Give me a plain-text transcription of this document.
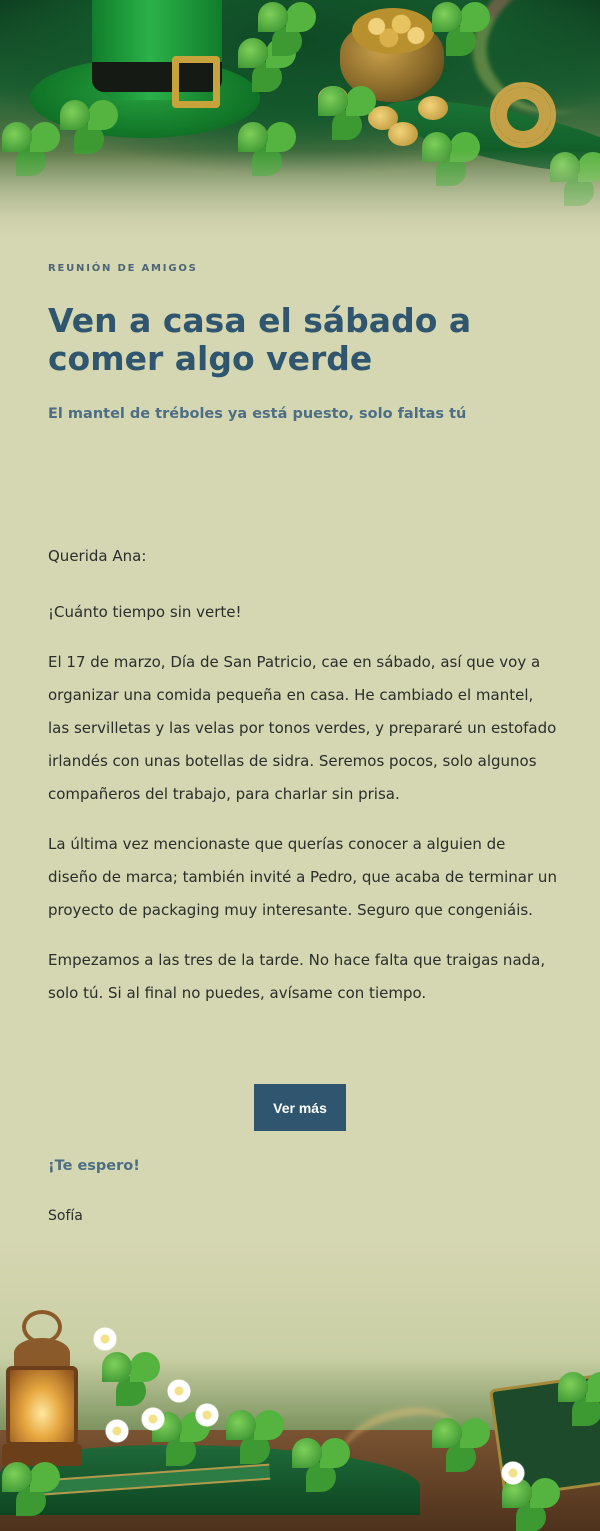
REUNIÓN DE AMIGOS
Ven a casa el sábado a comer algo verde
El mantel de tréboles ya está puesto, solo faltas tú

Querida Ana:

¡Cuánto tiempo sin verte!

El 17 de marzo, Día de San Patricio, cae en sábado, así que voy a organizar una comida pequeña en casa. He cambiado el mantel, las servilletas y las velas por tonos verdes, y prepararé un estofado irlandés con unas botellas de sidra. Seremos pocos, solo algunos compañeros del trabajo, para charlar sin prisa.

La última vez mencionaste que querías conocer a alguien de diseño de marca; también invité a Pedro, que acaba de terminar un proyecto de packaging muy interesante. Seguro que congeniáis.

Empezamos a las tres de la tarde. No hace falta que traigas nada, solo tú. Si al final no puedes, avísame con tiempo.

Ver más
¡Te espero!
Sofía
